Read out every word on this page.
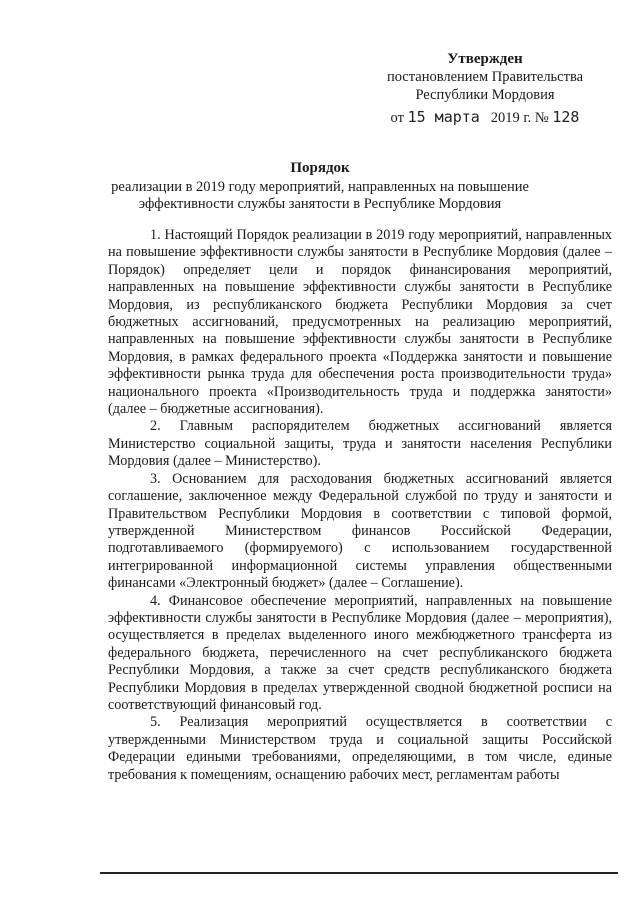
Утвержден
постановлением Правительства
Республики Мордовия
от 15 марта 2019 г. № 128
Порядок
реализации в 2019 году мероприятий, направленных на повышение эффективности службы занятости в Республике Мордовия

1. Настоящий Порядок реализации в 2019 году мероприятий, направленных на повышение эффективности службы занятости в Республике Мордовия (далее – Порядок) определяет цели и порядок финансирования мероприятий, направленных на повышение эффективности службы занятости в Республике Мордовия, из республиканского бюджета Республики Мордовия за счет бюджетных ассигнований, предусмотренных на реализацию мероприятий, направленных на повышение эффективности службы занятости в Республике Мордовия, в рамках федерального проекта «Поддержка занятости и повышение эффективности рынка труда для обеспечения роста производительности труда» национального проекта «Производительность труда и поддержка занятости» (далее – бюджетные ассигнования).

2. Главным распорядителем бюджетных ассигнований является Министерство социальной защиты, труда и занятости населения Республики Мордовия (далее – Министерство).

3. Основанием для расходования бюджетных ассигнований является соглашение, заключенное между Федеральной службой по труду и занятости и Правительством Республики Мордовия в соответствии с типовой формой, утвержденной Министерством финансов Российской Федерации, подготавливаемого (формируемого) с использованием государственной интегрированной информационной системы управления общественными финансами «Электронный бюджет» (далее – Соглашение).

4. Финансовое обеспечение мероприятий, направленных на повышение эффективности службы занятости в Республике Мордовия (далее – мероприятия), осуществляется в пределах выделенного иного межбюджетного трансферта из федерального бюджета, перечисленного на счет республиканского бюджета Республики Мордовия, а также за счет средств республиканского бюджета Республики Мордовия в пределах утвержденной сводной бюджетной росписи на соответствующий финансовый год.

5. Реализация мероприятий осуществляется в соответствии с утвержденными Министерством труда и социальной защиты Российской Федерации едиными требованиями, определяющими, в том числе, единые требования к помещениям, оснащению рабочих мест, регламентам работы
